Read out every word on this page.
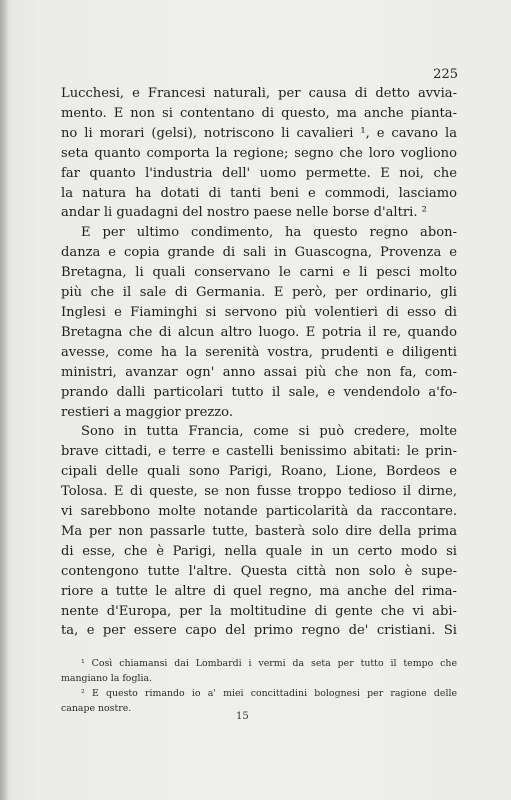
225
Lucchesi, e Francesi naturali, per causa di detto avvia-
mento. E non si contentano di questo, ma anche pianta-
no li morari (gelsi), notriscono li cavalieri ¹, e cavano la
seta quanto comporta la regione; segno che loro vogliono
far quanto l'industria dell' uomo permette. E noi, che
la natura ha dotati di tanti beni e commodi, lasciamo
andar li guadagni del nostro paese nelle borse d'altri. ²
E per ultimo condimento, ha questo regno abon-
danza e copia grande di sali in Guascogna, Provenza e
Bretagna, li quali conservano le carni e li pesci molto
più che il sale di Germania. E però, per ordinario, gli
Inglesi e Fiaminghi si servono più volentieri di esso di
Bretagna che di alcun altro luogo. E potria il re, quando
avesse, come ha la serenità vostra, prudenti e diligenti
ministri, avanzar ogn' anno assai più che non fa, com-
prando dalli particolari tutto il sale, e vendendolo a'fo-
restieri a maggior prezzo.
Sono in tutta Francia, come si può credere, molte
brave cittadi, e terre e castelli benissimo abitati: le prin-
cipali delle quali sono Parigi, Roano, Lione, Bordeos e
Tolosa. E di queste, se non fusse troppo tedioso il dirne,
vi sarebbono molte notande particolarità da raccontare.
Ma per non passarle tutte, basterà solo dire della prima
di esse, che è Parigi, nella quale in un certo modo si
contengono tutte l'altre. Questa città non solo è supe-
riore a tutte le altre di quel regno, ma anche del rima-
nente d'Europa, per la moltitudine di gente che vi abi-
ta, e per essere capo del primo regno de' cristiani. Si
¹ Così chiamansi dai Lombardi i vermi da seta per tutto il tempo che
mangiano la foglia.
² E questo rimando io a' miei concittadini bolognesi per ragione delle
canape nostre.
15
